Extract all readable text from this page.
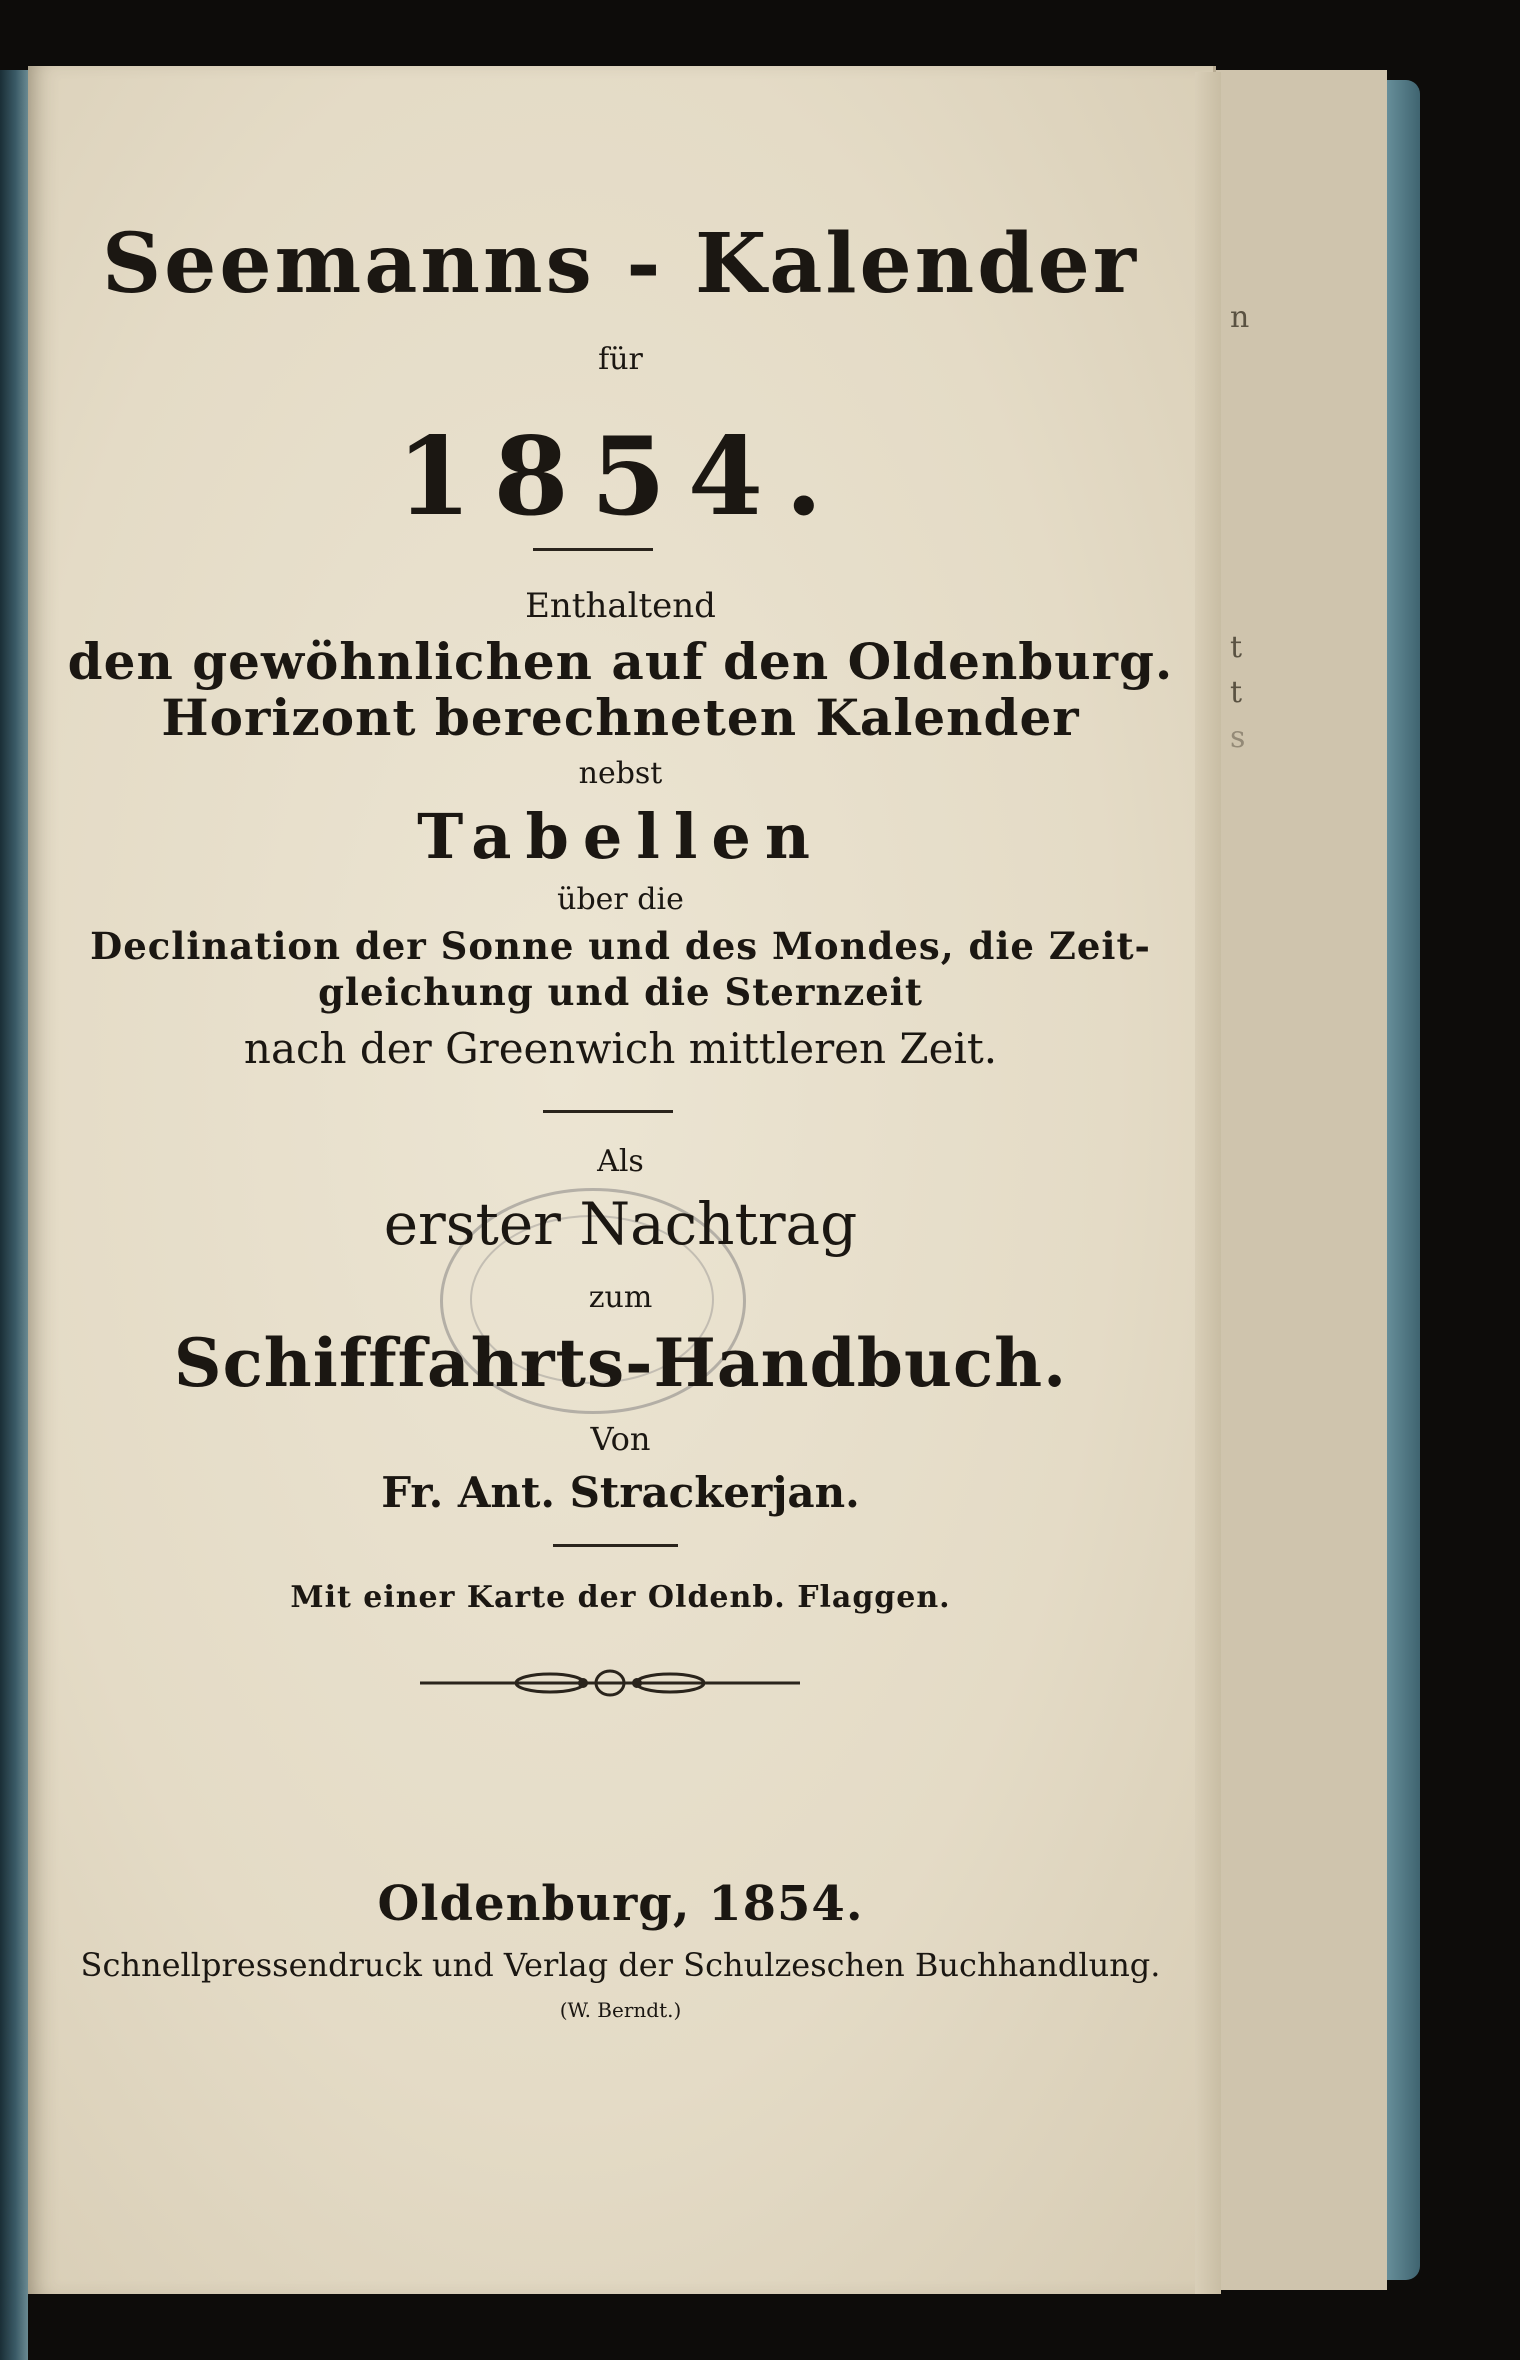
n
t
t
s
Seemanns - Kalender
für
1854.
Enthaltend
den gewöhnlichen auf den Oldenburg.
Horizont berechneten Kalender
nebst
Tabellen
über die
Declination der Sonne und des Mondes, die Zeit-
gleichung und die Sternzeit
nach der Greenwich mittleren Zeit.
Als
erster Nachtrag
zum
Schifffahrts-Handbuch.
Von
Fr. Ant. Strackerjan.
Mit einer Karte der Oldenb. Flaggen.
Oldenburg, 1854.
Schnellpressendruck und Verlag der Schulzeschen Buchhandlung.
(W. Berndt.)
